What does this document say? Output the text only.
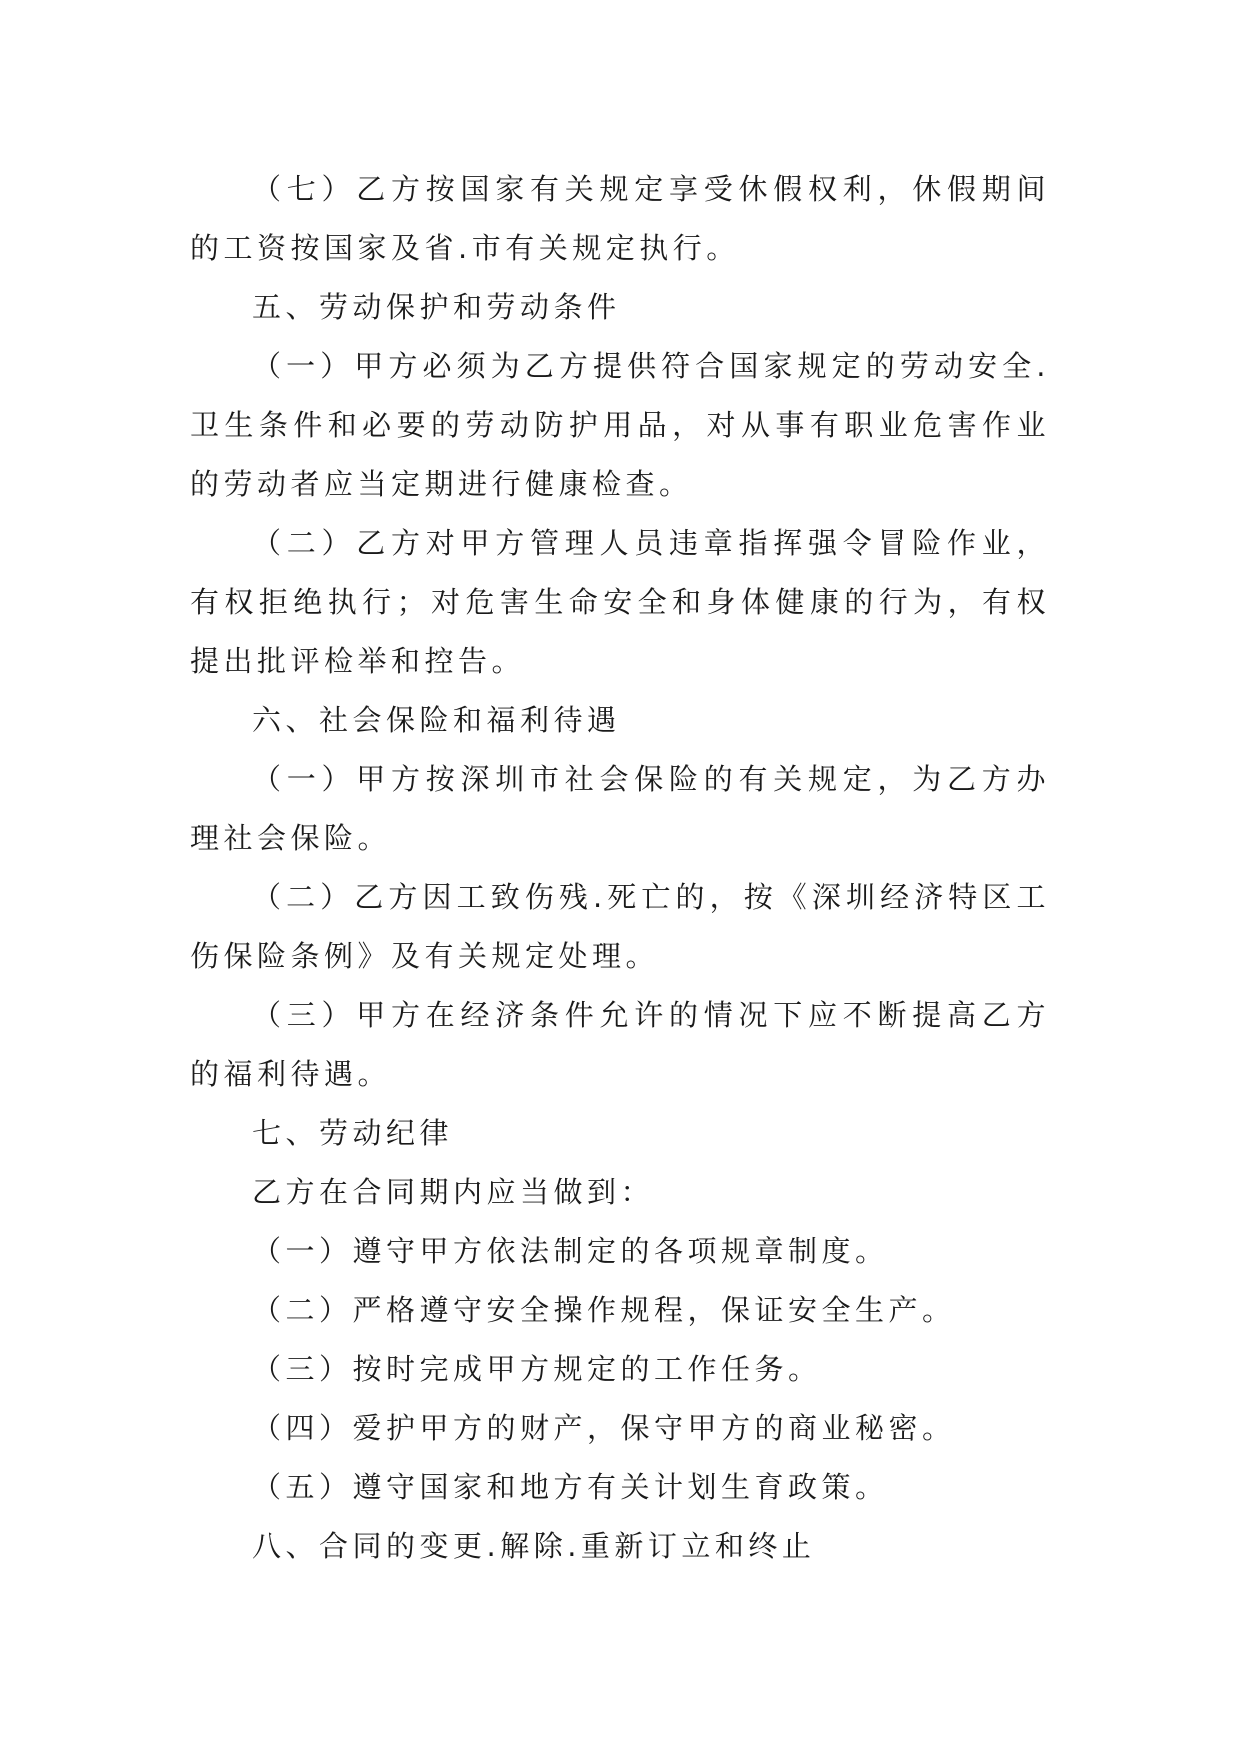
（七）乙方按国家有关规定享受休假权利，休假期间的工资按国家及省.市有关规定执行。

五、劳动保护和劳动条件

（一）甲方必须为乙方提供符合国家规定的劳动安全.卫生条件和必要的劳动防护用品，对从事有职业危害作业的劳动者应当定期进行健康检查。

（二）乙方对甲方管理人员违章指挥强令冒险作业，有权拒绝执行；对危害生命安全和身体健康的行为，有权提出批评检举和控告。

六、社会保险和福利待遇

（一）甲方按深圳市社会保险的有关规定，为乙方办理社会保险。

（二）乙方因工致伤残.死亡的，按《深圳经济特区工伤保险条例》及有关规定处理。

（三）甲方在经济条件允许的情况下应不断提高乙方的福利待遇。

七、劳动纪律

乙方在合同期内应当做到：

（一）遵守甲方依法制定的各项规章制度。

（二）严格遵守安全操作规程，保证安全生产。

（三）按时完成甲方规定的工作任务。

（四）爱护甲方的财产，保守甲方的商业秘密。

（五）遵守国家和地方有关计划生育政策。

八、合同的变更.解除.重新订立和终止
